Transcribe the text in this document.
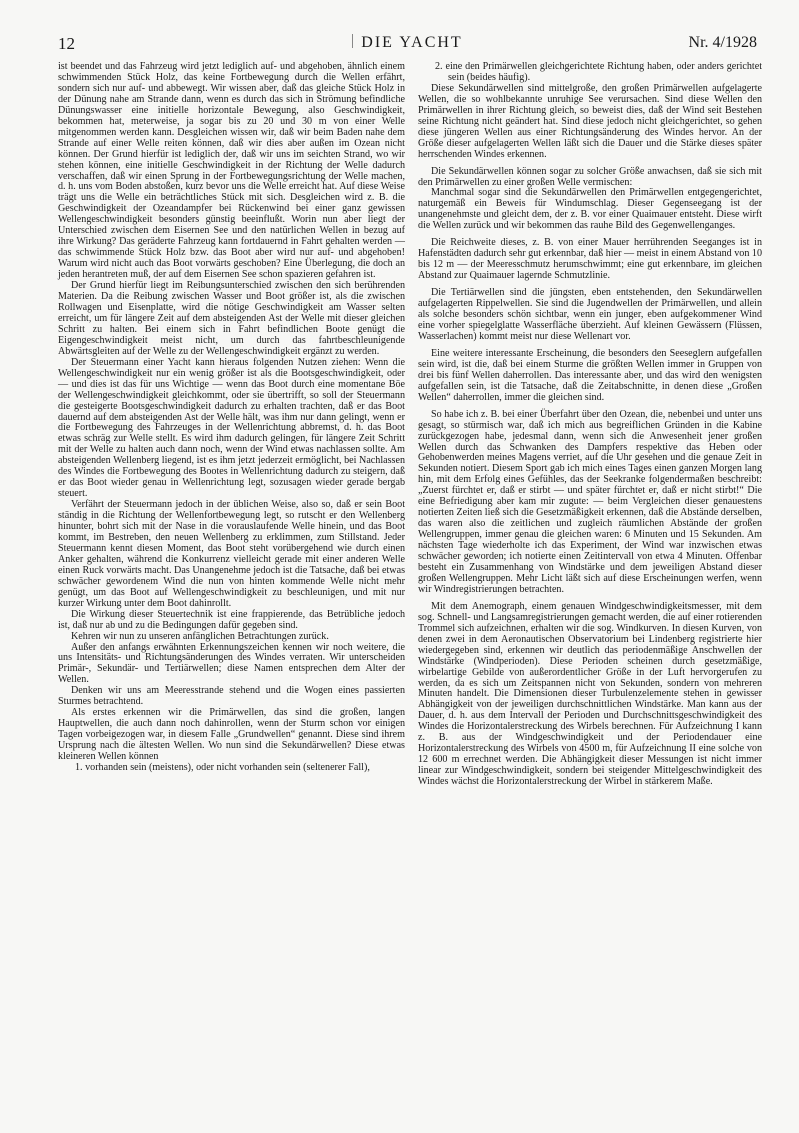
12	DIE YACHT	Nr. 4/1928

ist beendet und das Fahrzeug wird jetzt lediglich auf- und abgehoben, ähnlich einem schwimmenden Stück Holz, das keine Fortbewegung durch die Wellen erfährt, sondern sich nur auf- und abbewegt. Wir wissen aber, daß das gleiche Stück Holz in der Dünung nahe am Strande dann, wenn es durch das sich in Strömung befindliche Dünungswasser eine initielle horizontale Bewegung, also Geschwindigkeit, bekommen hat, meterweise, ja sogar bis zu 20 und 30 m von einer Welle mitgenommen werden kann. Desgleichen wissen wir, daß wir beim Baden nahe dem Strande auf einer Welle reiten können, daß wir dies aber außen im Ozean nicht können. Der Grund hierfür ist lediglich der, daß wir uns im seichten Strand, wo wir stehen können, eine initielle Geschwindigkeit in der Richtung der Welle dadurch verschaffen, daß wir einen Sprung in der Fortbewegungsrichtung der Welle machen, d. h. uns vom Boden abstoßen, kurz bevor uns die Welle erreicht hat. Auf diese Weise trägt uns die Welle ein beträchtliches Stück mit sich. Desgleichen wird z. B. die Geschwindigkeit der Ozeandampfer bei Rückenwind bei einer ganz gewissen Wellengeschwindigkeit besonders günstig beeinflußt. Worin nun aber liegt der Unterschied zwischen dem Eisernen See und den natürlichen Wellen in bezug auf ihre Wirkung? Das geräderte Fahrzeug kann fortdauernd in Fahrt gehalten werden — das schwimmende Stück Holz bzw. das Boot aber wird nur auf- und abgehoben! Warum wird nicht auch das Boot vorwärts geschoben? Eine Überlegung, die doch an jeden herantreten muß, der auf dem Eisernen See schon spazieren gefahren ist.

Der Grund hierfür liegt im Reibungsunterschied zwischen den sich berührenden Materien. Da die Reibung zwischen Wasser und Boot größer ist, als die zwischen Rollwagen und Eisenplatte, wird die nötige Geschwindigkeit am Wasser selten erreicht, um für längere Zeit auf dem absteigenden Ast der Welle mit dieser gleichen Schritt zu halten. Bei einem sich in Fahrt befindlichen Boote genügt die Eigengeschwindigkeit meist nicht, um durch das fahrtbeschleunigende Abwärtsgleiten auf der Welle zu der Wellengeschwindigkeit ergänzt zu werden.

Der Steuermann einer Yacht kann hieraus folgenden Nutzen ziehen: Wenn die Wellengeschwindigkeit nur ein wenig größer ist als die Bootsgeschwindigkeit, oder — und dies ist das für uns Wichtige — wenn das Boot durch eine momentane Böe der Wellengeschwindigkeit gleichkommt, oder sie übertrifft, so soll der Steuermann die gesteigerte Bootsgeschwindigkeit dadurch zu erhalten trachten, daß er das Boot dauernd auf dem absteigenden Ast der Welle hält, was ihm nur dann gelingt, wenn er die Fortbewegung des Fahrzeuges in der Wellenrichtung abbremst, d. h. das Boot etwas schräg zur Welle stellt. Es wird ihm dadurch gelingen, für längere Zeit Schritt mit der Welle zu halten auch dann noch, wenn der Wind etwas nachlassen sollte. Am absteigenden Wellenberg liegend, ist es ihm jetzt jederzeit ermöglicht, bei Nachlassen des Windes die Fortbewegung des Bootes in Wellenrichtung dadurch zu steigern, daß er das Boot wieder genau in Wellenrichtung legt, sozusagen wieder gerade bergab steuert.

Verfährt der Steuermann jedoch in der üblichen Weise, also so, daß er sein Boot ständig in die Richtung der Wellenfortbewegung legt, so rutscht er den Wellenberg hinunter, bohrt sich mit der Nase in die vorauslaufende Welle hinein, und das Boot kommt, im Bestreben, den neuen Wellenberg zu erklimmen, zum Stillstand. Jeder Steuermann kennt diesen Moment, das Boot steht vorübergehend wie durch einen Anker gehalten, während die Konkurrenz vielleicht gerade mit einer anderen Welle einen Ruck vorwärts macht. Das Unangenehme jedoch ist die Tatsache, daß bei etwas schwächer gewordenem Wind die nun von hinten kommende Welle nicht mehr genügt, um das Boot auf Wellengeschwindigkeit zu beschleunigen, und mit nur kurzer Wirkung unter dem Boot dahinrollt.

Die Wirkung dieser Steuertechnik ist eine frappierende, das Betrübliche jedoch ist, daß nur ab und zu die Bedingungen dafür gegeben sind.

Kehren wir nun zu unseren anfänglichen Betrachtungen zurück.

Außer den anfangs erwähnten Erkennungszeichen kennen wir noch weitere, die uns Intensitäts- und Richtungsänderungen des Windes verraten. Wir unterscheiden Primär-, Sekundär- und Tertiärwellen; diese Namen entsprechen dem Alter der Wellen.

Denken wir uns am Meeresstrande stehend und die Wogen eines passierten Sturmes betrachtend.

Als erstes erkennen wir die Primärwellen, das sind die großen, langen Hauptwellen, die auch dann noch dahinrollen, wenn der Sturm schon vor einigen Tagen vorbeigezogen war, in diesem Falle „Grundwellen“ genannt. Diese sind ihrem Ursprung nach die ältesten Wellen. Wo nun sind die Sekundärwellen? Diese etwas kleineren Wellen können

1. vorhanden sein (meistens), oder nicht vorhanden sein (seltenerer Fall),

2. eine den Primärwellen gleichgerichtete Richtung haben, oder anders gerichtet sein (beides häufig).

Diese Sekundärwellen sind mittelgroße, den großen Primärwellen aufgelagerte Wellen, die so wohlbekannte unruhige See verursachen. Sind diese Wellen den Primärwellen in ihrer Richtung gleich, so beweist dies, daß der Wind seit Bestehen seine Richtung nicht geändert hat. Sind diese jedoch nicht gleichgerichtet, so gehen diese jüngeren Wellen aus einer Richtungsänderung des Windes hervor. An der Größe dieser aufgelagerten Wellen läßt sich die Dauer und die Stärke dieses später herrschenden Windes erkennen.

Die Sekundärwellen können sogar zu solcher Größe anwachsen, daß sie sich mit den Primärwellen zu einer großen Welle vermischen:

Manchmal sogar sind die Sekundärwellen den Primärwellen entgegengerichtet, naturgemäß ein Beweis für Windumschlag. Dieser Gegenseegang ist der unangenehmste und gleicht dem, der z. B. vor einer Quaimauer entsteht. Diese wirft die Wellen zurück und wir bekommen das rauhe Bild des Gegenwellenganges.

Die Reichweite dieses, z. B. von einer Mauer herrührenden Seeganges ist in Hafenstädten dadurch sehr gut erkennbar, daß hier — meist in einem Abstand von 10 bis 12 m — der Meeresschmutz herumschwimmt; eine gut erkennbare, im gleichen Abstand zur Quaimauer lagernde Schmutzlinie.

Die Tertiärwellen sind die jüngsten, eben entstehenden, den Sekundärwellen aufgelagerten Rippelwellen. Sie sind die Jugendwellen der Primärwellen, und allein als solche besonders schön sichtbar, wenn ein junger, eben aufgekommener Wind eine vorher spiegelglatte Wasserfläche überzieht. Auf kleinen Gewässern (Flüssen, Wasserlachen) kommt meist nur diese Wellenart vor.

Eine weitere interessante Erscheinung, die besonders den Seeseglern aufgefallen sein wird, ist die, daß bei einem Sturme die größten Wellen immer in Gruppen von drei bis fünf Wellen daherrollen. Das interessante aber, und das wird den wenigsten aufgefallen sein, ist die Tatsache, daß die Zeitabschnitte, in denen diese „Großen Wellen“ daherrollen, immer die gleichen sind.

So habe ich z. B. bei einer Überfahrt über den Ozean, die, nebenbei und unter uns gesagt, so stürmisch war, daß ich mich aus begreiflichen Gründen in die Kabine zurückgezogen habe, jedesmal dann, wenn sich die Anwesenheit jener großen Wellen durch das Schwanken des Dampfers respektive das Heben oder Gehobenwerden meines Magens verriet, auf die Uhr gesehen und die genaue Zeit in Sekunden notiert. Diesem Sport gab ich mich eines Tages einen ganzen Morgen lang hin, mit dem Erfolg eines Gefühles, das der Seekranke folgendermaßen beschreibt: „Zuerst fürchtet er, daß er stirbt — und später fürchtet er, daß er nicht stirbt!“ Die eine Befriedigung aber kam mir zugute: — beim Vergleichen dieser genauestens notierten Zeiten ließ sich die Gesetzmäßigkeit erkennen, daß die Abstände derselben, das waren also die zeitlichen und zugleich räumlichen Abstände der großen Wellengruppen, immer genau die gleichen waren: 6 Minuten und 15 Sekunden. Am nächsten Tage wiederholte ich das Experiment, der Wind war inzwischen etwas schwächer geworden; ich notierte einen Zeitintervall von etwa 4 Minuten. Offenbar besteht ein Zusammenhang von Windstärke und dem jeweiligen Abstand dieser großen Wellengruppen. Mehr Licht läßt sich auf diese Erscheinungen werfen, wenn wir Windregistrierungen betrachten.

Mit dem Anemograph, einem genauen Windgeschwindigkeitsmesser, mit dem sog. Schnell- und Langsamregistrierungen gemacht werden, die auf einer rotierenden Trommel sich aufzeichnen, erhalten wir die sog. Windkurven. In diesen Kurven, von denen zwei in dem Aeronautischen Observatorium bei Lindenberg registrierte hier wiedergegeben sind, erkennen wir deutlich das periodenmäßige Anschwellen der Windstärke (Windperioden). Diese Perioden scheinen durch gesetzmäßige, wirbelartige Gebilde von außerordentlicher Größe in der Luft hervorgerufen zu werden, da es sich um Zeitspannen nicht von Sekunden, sondern von mehreren Minuten handelt. Die Dimensionen dieser Turbulenzelemente stehen in gewisser Abhängigkeit von der jeweiligen durchschnittlichen Windstärke. Man kann aus der Dauer, d. h. aus dem Intervall der Perioden und Durchschnittsgeschwindigkeit des Windes die Horizontalerstreckung des Wirbels berechnen. Für Aufzeichnung I kann z. B. aus der Windgeschwindigkeit und der Periodendauer eine Horizontalerstreckung des Wirbels von 4500 m, für Aufzeichnung II eine solche von 12 600 m errechnet werden. Die Abhängigkeit dieser Messungen ist nicht immer linear zur Windgeschwindigkeit, sondern bei steigender Mittelgeschwindigkeit des Windes wächst die Horizontalerstreckung der Wirbel in stärkerem Maße.
